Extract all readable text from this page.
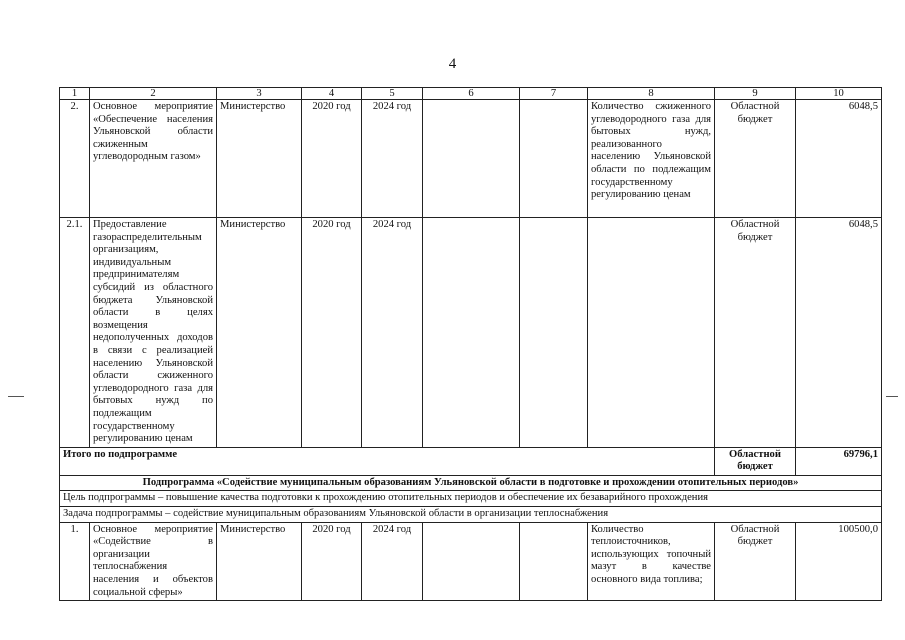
4
1	2	3	4	5	6	7	8	9	10
2.	Основное мероприятие «Обеспечение населения Ульяновской области сжиженным углеводородным газом»	Министерство	2020 год	2024 год			Количество сжиженного углеводородного газа для бытовых нужд, реализованного населению Ульяновской области по подлежащим государственному регулированию ценам	Областной бюджет	6048,5
2.1.	Предоставление газораспределительным организациям, индивидуальным предпринимателям субсидий из областного бюджета Ульяновской области в целях возмещения недополученных доходов в связи с реализацией населению Ульяновской области сжиженного углеводородного газа для бытовых нужд по подлежащим государственному регулированию ценам	Министерство	2020 год	2024 год				Областной бюджет	6048,5
Итого по подпрограмме								Областной бюджет	69796,1
Подпрограмма «Содействие муниципальным образованиям Ульяновской области в подготовке и прохождении отопительных периодов»									
Цель подпрограммы – повышение качества подготовки к прохождению отопительных периодов и обеспечение их безаварийного прохождения									
Задача подпрограммы – содействие муниципальным образованиям Ульяновской области в организации теплоснабжения									
1.	Основное мероприятие «Содействие в организации теплоснабжения населения и объектов социальной сферы»	Министерство	2020 год	2024 год			Количество теплоисточников, использующих топочный мазут в качестве основного вида топлива;	Областной бюджет	100500,0
